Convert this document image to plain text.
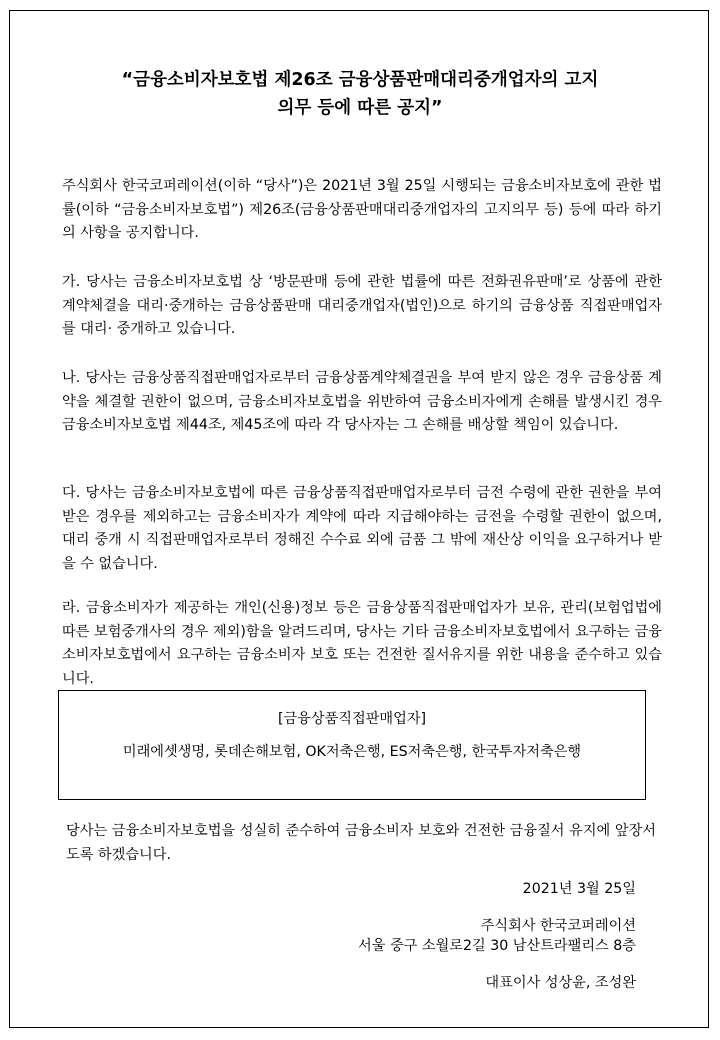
“금융소비자보호법 제26조 금융상품판매대리중개업자의 고지
의무 등에 따른 공지”

주식회사 한국코퍼레이션(이하 “당사”)은 2021년 3월 25일 시행되는 금융소비자보호에 관한 법률(이하 “금융소비자보호법”) 제26조(금융상품판매대리중개업자의 고지의무 등) 등에 따라 하기의 사항을 공지합니다.

가. 당사는 금융소비자보호법 상 ‘방문판매 등에 관한 법률에 따른 전화권유판매’로 상품에 관한 계약체결을 대리·중개하는 금융상품판매 대리중개업자(법인)으로 하기의 금융상품 직접판매업자를 대리· 중개하고 있습니다.

나. 당사는 금융상품직접판매업자로부터 금융상품계약체결권을 부여 받지 않은 경우 금융상품 계약을 체결할 권한이 없으며, 금융소비자보호법을 위반하여 금융소비자에게 손해를 발생시킨 경우 금융소비자보호법 제44조, 제45조에 따라 각 당사자는 그 손해를 배상할 책임이 있습니다.

다. 당사는 금융소비자보호법에 따른 금융상품직접판매업자로부터 금전 수령에 관한 권한을 부여 받은 경우를 제외하고는 금융소비자가 계약에 따라 지급해야하는 금전을 수령할 권한이 없으며, 대리 중개 시 직접판매업자로부터 정해진 수수료 외에 금품 그 밖에 재산상 이익을 요구하거나 받을 수 없습니다.

라. 금융소비자가 제공하는 개인(신용)정보 등은 금융상품직접판매업자가 보유, 관리(보험업법에 따른 보험중개사의 경우 제외)함을 알려드리며, 당사는 기타 금융소비자보호법에서 요구하는 금융소비자보호법에서 요구하는 금융소비자 보호 또는 건전한 질서유지를 위한 내용을 준수하고 있습니다.

[금융상품직접판매업자]
미래에셋생명, 롯데손해보험, OK저축은행, ES저축은행, 한국투자저축은행

당사는 금융소비자보호법을 성실히 준수하여 금융소비자 보호와 건전한 금융질서 유지에 앞장서도록 하겠습니다.

2021년 3월 25일
주식회사 한국코퍼레이션
서울 중구 소월로2길 30 남산트라팰리스 8층
대표이사 성상윤, 조성완
